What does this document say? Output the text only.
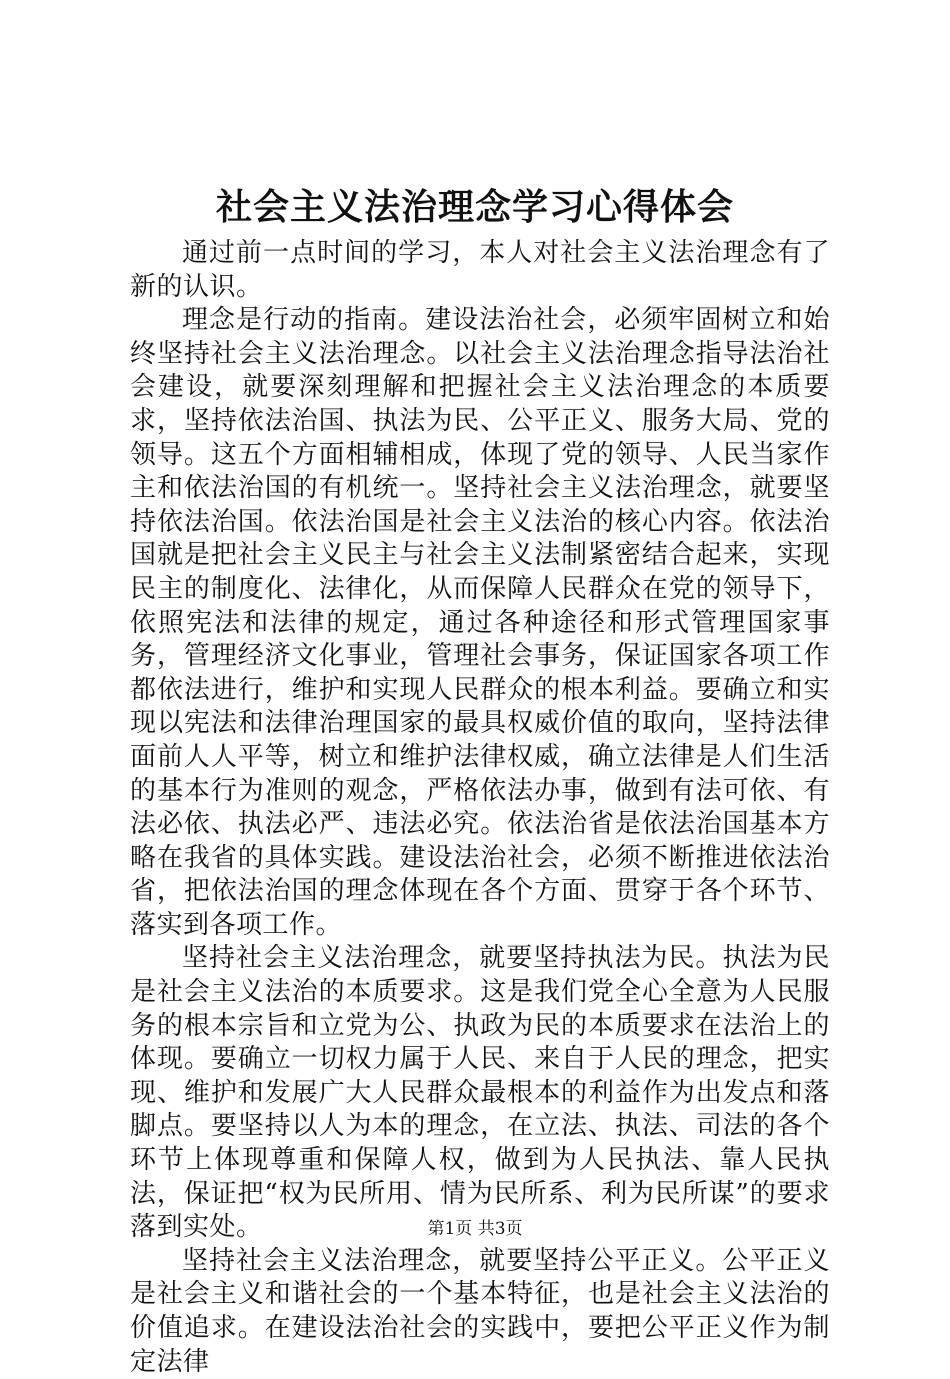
社会主义法治理念学习心得体会

通过前一点时间的学习，本人对社会主义法治理念有了新的认识。

理念是行动的指南。建设法治社会，必须牢固树立和始终坚持社会主义法治理念。以社会主义法治理念指导法治社会建设，就要深刻理解和把握社会主义法治理念的本质要求，坚持依法治国、执法为民、公平正义、服务大局、党的领导。这五个方面相辅相成，体现了党的领导、人民当家作主和依法治国的有机统一。坚持社会主义法治理念，就要坚持依法治国。依法治国是社会主义法治的核心内容。依法治国就是把社会主义民主与社会主义法制紧密结合起来，实现民主的制度化、法律化，从而保障人民群众在党的领导下，依照宪法和法律的规定，通过各种途径和形式管理国家事务，管理经济文化事业，管理社会事务，保证国家各项工作都依法进行，维护和实现人民群众的根本利益。要确立和实现以宪法和法律治理国家的最具权威价值的取向，坚持法律面前人人平等，树立和维护法律权威，确立法律是人们生活的基本行为准则的观念，严格依法办事，做到有法可依、有法必依、执法必严、违法必究。依法治省是依法治国基本方略在我省的具体实践。建设法治社会，必须不断推进依法治省，把依法治国的理念体现在各个方面、贯穿于各个环节、落实到各项工作。

坚持社会主义法治理念，就要坚持执法为民。执法为民是社会主义法治的本质要求。这是我们党全心全意为人民服务的根本宗旨和立党为公、执政为民的本质要求在法治上的体现。要确立一切权力属于人民、来自于人民的理念，把实现、维护和发展广大人民群众最根本的利益作为出发点和落脚点。要坚持以人为本的理念，在立法、执法、司法的各个环节上体现尊重和保障人权，做到为人民执法、靠人民执法，保证把“权为民所用、情为民所系、利为民所谋”的要求落到实处。

坚持社会主义法治理念，就要坚持公平正义。公平正义是社会主义和谐社会的一个基本特征，也是社会主义法治的价值追求。在建设法治社会的实践中，要把公平正义作为制定法律

第1页 共3页
